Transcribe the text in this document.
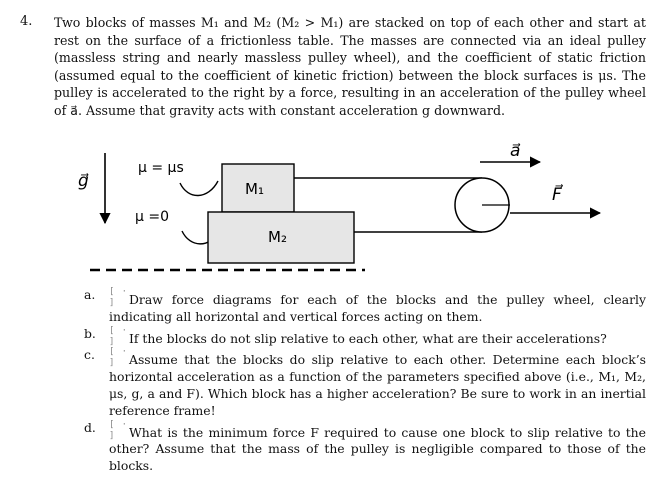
4. Two blocks of masses M₁ and M₂ (M₂ > M₁) are stacked on top of each other and start at rest on the surface of a frictionless table. The masses are connected via an ideal pulley (massless string and nearly massless pulley wheel), and the coefficient of static friction (assumed equal to the coefficient of kinetic friction) between the block surfaces is μs. The pulley is accelerated to the right by a force, resulting in an acceleration of the pulley wheel of a⃗. Assume that gravity acts with constant acceleration g downward.

g⃗
μ = μs
μ =0
M₁
M₂
F⃗
a⃗
a. [ · ] Draw force diagrams for each of the blocks and the pulley wheel, clearly indicating all horizontal and vertical forces acting on them.
b. [ · ] If the blocks do not slip relative to each other, what are their accelerations?
c. [ · ] Assume that the blocks do slip relative to each other. Determine each block’s horizontal acceleration as a function of the parameters specified above (i.e., M₁, M₂, μs, g, a and F). Which block has a higher acceleration? Be sure to work in an inertial reference frame!
d. [ · ] What is the minimum force F required to cause one block to slip relative to the other? Assume that the mass of the pulley is negligible compared to those of the blocks.
